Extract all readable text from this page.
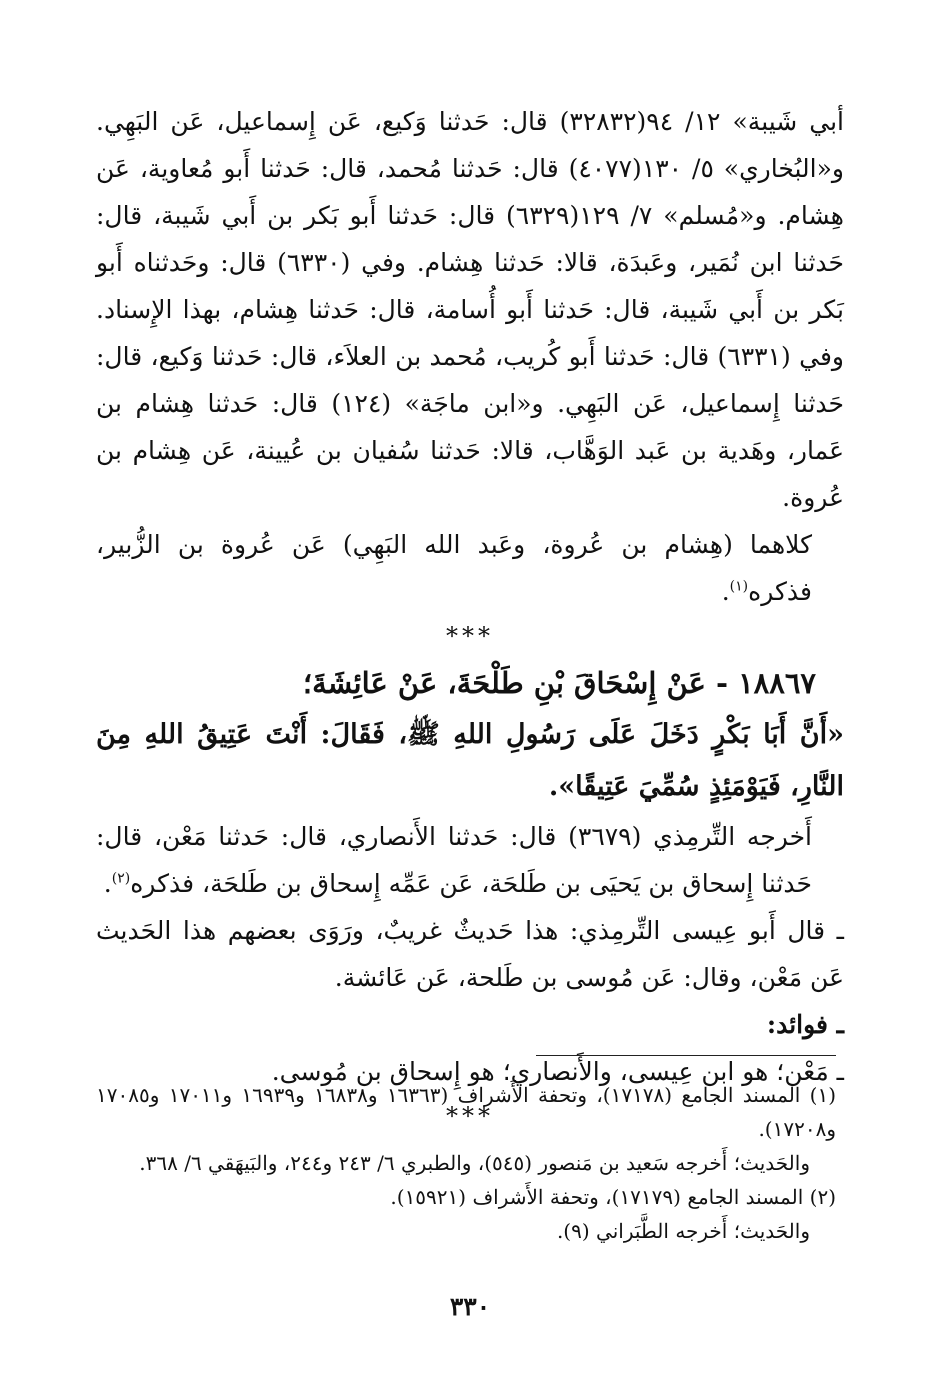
أبي شَيبة» ١٢/ ٩٤(٣٢٨٣٢) قال: حَدثنا وَكيع، عَن إِسماعيل، عَن البَهِي. و«البُخاري» ٥/ ١٣٠(٤٠٧٧) قال: حَدثنا مُحمد، قال: حَدثنا أَبو مُعاوية، عَن هِشام. و«مُسلم» ٧/ ١٢٩(٦٣٢٩) قال: حَدثنا أَبو بَكر بن أَبي شَيبة، قال: حَدثنا ابن نُمَير، وعَبدَة، قالا: حَدثنا هِشام. وفي (٦٣٣٠) قال: وحَدثناه أَبو بَكر بن أَبي شَيبة، قال: حَدثنا أَبو أُسامة، قال: حَدثنا هِشام، بهذا الإِسناد. وفي (٦٣٣١) قال: حَدثنا أَبو كُريب، مُحمد بن العلاَء، قال: حَدثنا وَكيع، قال: حَدثنا إِسماعيل، عَن البَهِي. و«ابن ماجَة» (١٢٤) قال: حَدثنا هِشام بن عَمار، وهَدية بن عَبد الوَهَّاب، قالا: حَدثنا سُفيان بن عُيينة، عَن هِشام بن عُروة.

كلاهما (هِشام بن عُروة، وعَبد الله البَهِي) عَن عُروة بن الزُّبير، فذكره$^{(١)}$.

***

١٨٨٦٧ - عَنْ إِسْحَاقَ بْنِ طَلْحَةَ، عَنْ عَائِشَةَ؛

«أَنَّ أَبَا بَكْرٍ دَخَلَ عَلَى رَسُولِ اللهِ ﷺ، فَقَالَ: أَنْتَ عَتِيقُ اللهِ مِنَ النَّارِ، فَيَوْمَئِذٍ سُمِّيَ عَتِيقًا».

أَخرجه التِّرمِذي (٣٦٧٩) قال: حَدثنا الأَنصاري، قال: حَدثنا مَعْن، قال: حَدثنا إِسحاق بن يَحيَى بن طَلحَة، عَن عَمِّه إِسحاق بن طَلحَة، فذكره$^{(٢)}$.

ـ قال أَبو عِيسى التِّرمِذي: هذا حَديثٌ غريبٌ، ورَوَى بعضهم هذا الحَديث عَن مَعْن، وقال: عَن مُوسى بن طَلحة، عَن عَائشة.

ـ فوائد:

ـ مَعْن؛ هو ابن عِيسى، والأَنصاري؛ هو إِسحاق بن مُوسى.

***

(١) المسند الجامع (١٧١٧٨)، وتحفة الأَشراف (١٦٣٦٣ و١٦٨٣٨ و١٦٩٣٩ و١٧٠١١ و١٧٠٨٥ و١٧٢٠٨).

والحَديث؛ أَخرجه سَعيد بن مَنصور (٥٤٥)، والطبري ٦/ ٢٤٣ و٢٤٤، والبَيهَقي ٦/ ٣٦٨.

(٢) المسند الجامع (١٧١٧٩)، وتحفة الأَشراف (١٥٩٢١).

والحَديث؛ أَخرجه الطَّبَراني (٩).

٣٣٠
